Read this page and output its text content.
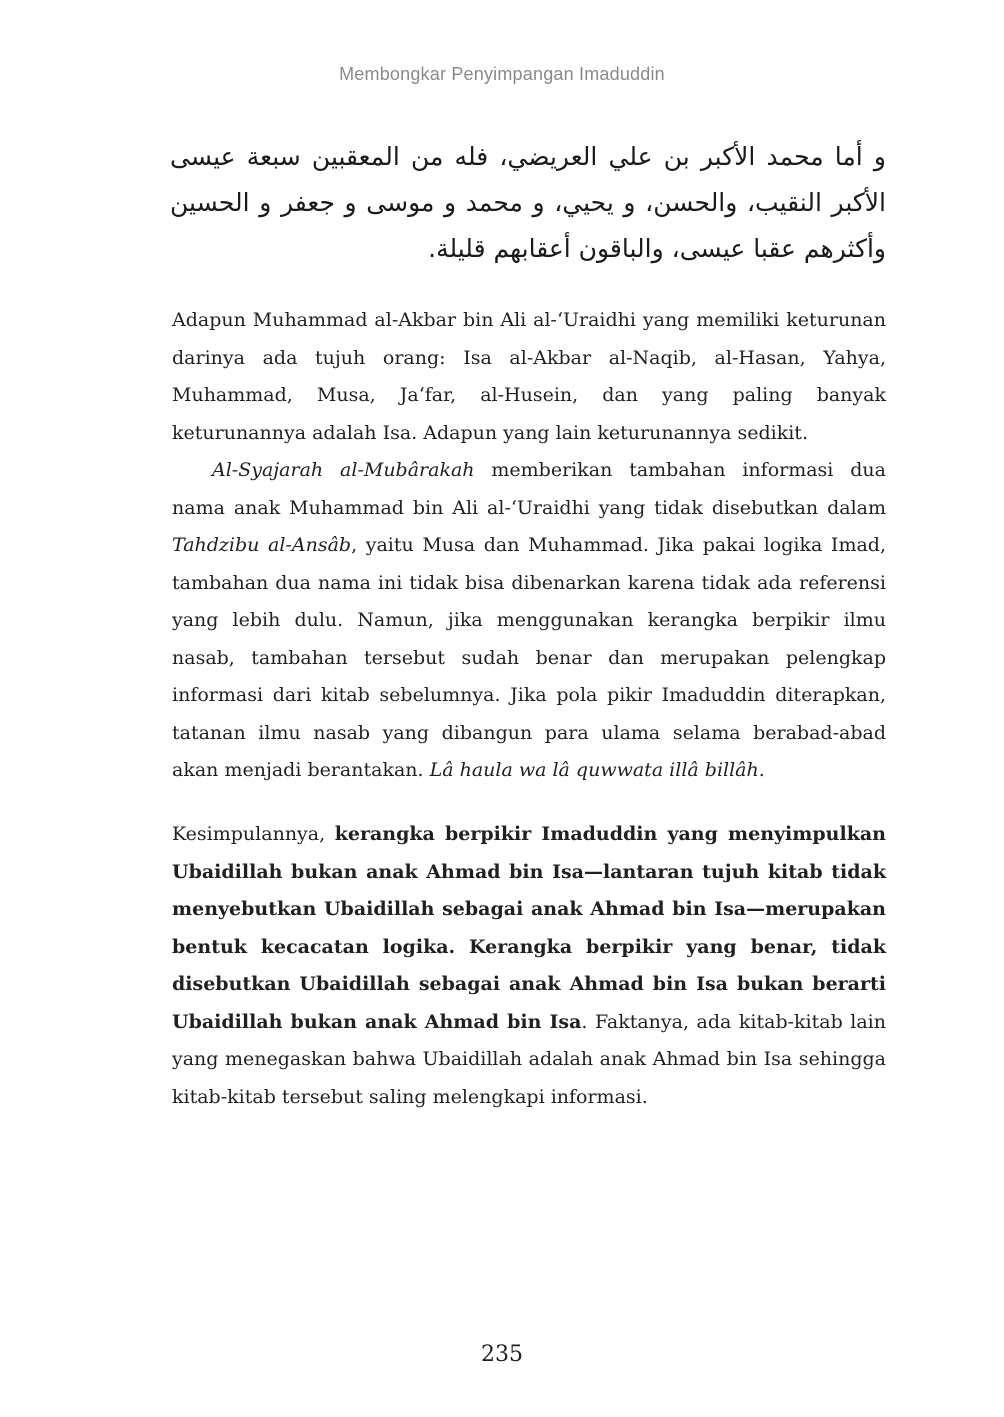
Membongkar Penyimpangan Imaduddin
و أما محمد الأكبر بن علي العريضي، فله من المعقبين سبعة عيسى الأكبر النقيب، والحسن، و يحيي، و محمد و موسى و جعفر و الحسين وأكثرهم عقبا عيسى، والباقون أعقابهم قليلة.

Adapun Muhammad al-Akbar bin Ali al-‘Uraidhi yang memiliki keturunan darinya ada tujuh orang: Isa al-Akbar al-Naqib, al-Hasan, Yahya, Muhammad, Musa, Ja‘far, al-Husein, dan yang paling banyak keturunannya adalah Isa. Adapun yang lain keturunannya sedikit.

Al-Syajarah al-Mubârakah memberikan tambahan informasi dua nama anak Muhammad bin Ali al-‘Uraidhi yang tidak disebutkan dalam Tahdzibu al-Ansâb, yaitu Musa dan Muhammad. Jika pakai logika Imad, tambahan dua nama ini tidak bisa dibenarkan karena tidak ada referensi yang lebih dulu. Namun, jika menggunakan kerangka berpikir ilmu nasab, tambahan tersebut sudah benar dan merupakan pelengkap informasi dari kitab sebelumnya. Jika pola pikir Imaduddin diterapkan, tatanan ilmu nasab yang dibangun para ulama selama berabad-abad akan menjadi berantakan. Lâ haula wa lâ quwwata illâ billâh.

Kesimpulannya, kerangka berpikir Imaduddin yang menyimpulkan Ubaidillah bukan anak Ahmad bin Isa—lantaran tujuh kitab tidak menyebutkan Ubaidillah sebagai anak Ahmad bin Isa—merupakan bentuk kecacatan logika. Kerangka berpikir yang benar, tidak disebutkan Ubaidillah sebagai anak Ahmad bin Isa bukan berarti Ubaidillah bukan anak Ahmad bin Isa. Faktanya, ada kitab-kitab lain yang menegaskan bahwa Ubaidillah adalah anak Ahmad bin Isa sehingga kitab-kitab tersebut saling melengkapi informasi.

235
